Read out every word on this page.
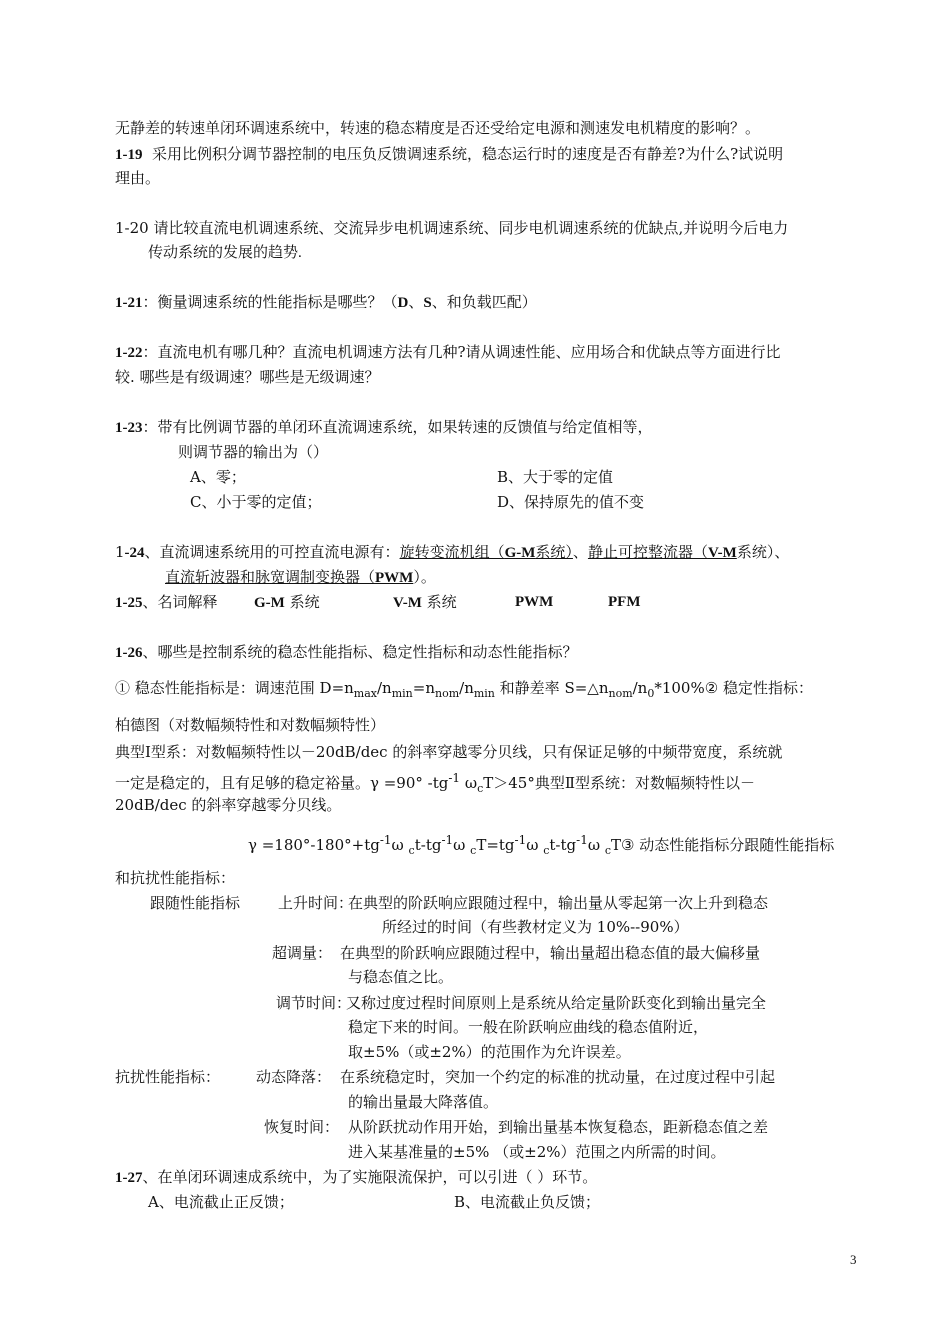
无静差的转速单闭环调速系统中，转速的稳态精度是否还受给定电源和测速发电机精度的影响？。
1-19 采用比例积分调节器控制的电压负反馈调速系统，稳态运行时的速度是否有静差?为什么?试说明
理由。
1-20 请比较直流电机调速系统、交流异步电机调速系统、同步电机调速系统的优缺点,并说明今后电力
传动系统的发展的趋势.
1-21：衡量调速系统的性能指标是哪些？（D、S、和负载匹配）
1-22：直流电机有哪几种？直流电机调速方法有几种?请从调速性能、应用场合和优缺点等方面进行比
较. 哪些是有级调速？哪些是无级调速？
1-23：带有比例调节器的单闭环直流调速系统，如果转速的反馈值与给定值相等，
则调节器的输出为（）
A、零；	B、大于零的定值
C、小于零的定值；	D、保持原先的值不变
1-24、直流调速系统用的可控直流电源有：旋转变流机组（G-M系统）、静止可控整流器（V-M系统）、
直流斩波器和脉宽调制变换器（PWM）。
1-25、名词解释 G-M 系统	V-M 系统	PWM	PFM
1-26、哪些是控制系统的稳态性能指标、稳定性指标和动态性能指标？
① 稳态性能指标是：调速范围 $D=n_{max}/n_{min}=n_{nom}/n_{min}$ 和静差率 $S=\triangle n_{nom}/n_0*100\%②$ 稳定性指标：
柏德图（对数幅频特性和对数幅频特性）
典型Ⅰ型系：对数幅频特性以－20dB/dec 的斜率穿越零分贝线，只有保证足够的中频带宽度，系统就
一定是稳定的，且有足够的稳定裕量。γ =90° $-tg^{-1}$ $\omega_cT>45^\circ$典型Ⅱ型系统：对数幅频特性以－
20dB/dec 的斜率穿越零分贝线。
$\gamma =180^\circ-180^\circ+tg^{-1}\omega$ $_ct-tg^{-1}\omega$ $_cT=tg^{-1}\omega$ $_ct-tg^{-1}\omega$ $_c$T③ 动态性能指标分跟随性能指标
和抗扰性能指标：
跟随性能指标	上升时间：
在典型的阶跃响应跟随过程中，输出量从零起第一次上升到稳态
所经过的时间（有些教材定义为 10%--90%）
超调量： 在典型的阶跃响应跟随过程中，输出量超出稳态值的最大偏移量
与稳态值之比。
调节时间：
又称过度过程时间原则上是系统从给定量阶跃变化到输出量完全
稳定下来的时间。一般在阶跃响应曲线的稳态值附近，
取±5%（或±2%）的范围作为允许误差。
抗扰性能指标： 动态降落： 在系统稳定时，突加一个约定的标准的扰动量，在过度过程中引起
的输出量最大降落值。
恢复时间： 从阶跃扰动作用开始，到输出量基本恢复稳态，距新稳态值之差
进入某基准量的±5% （或±2%）范围之内所需的时间。
1-27、在单闭环调速成系统中，为了实施限流保护，可以引进（ ）环节。
A、电流截止正反馈；	B、电流截止负反馈；
3
